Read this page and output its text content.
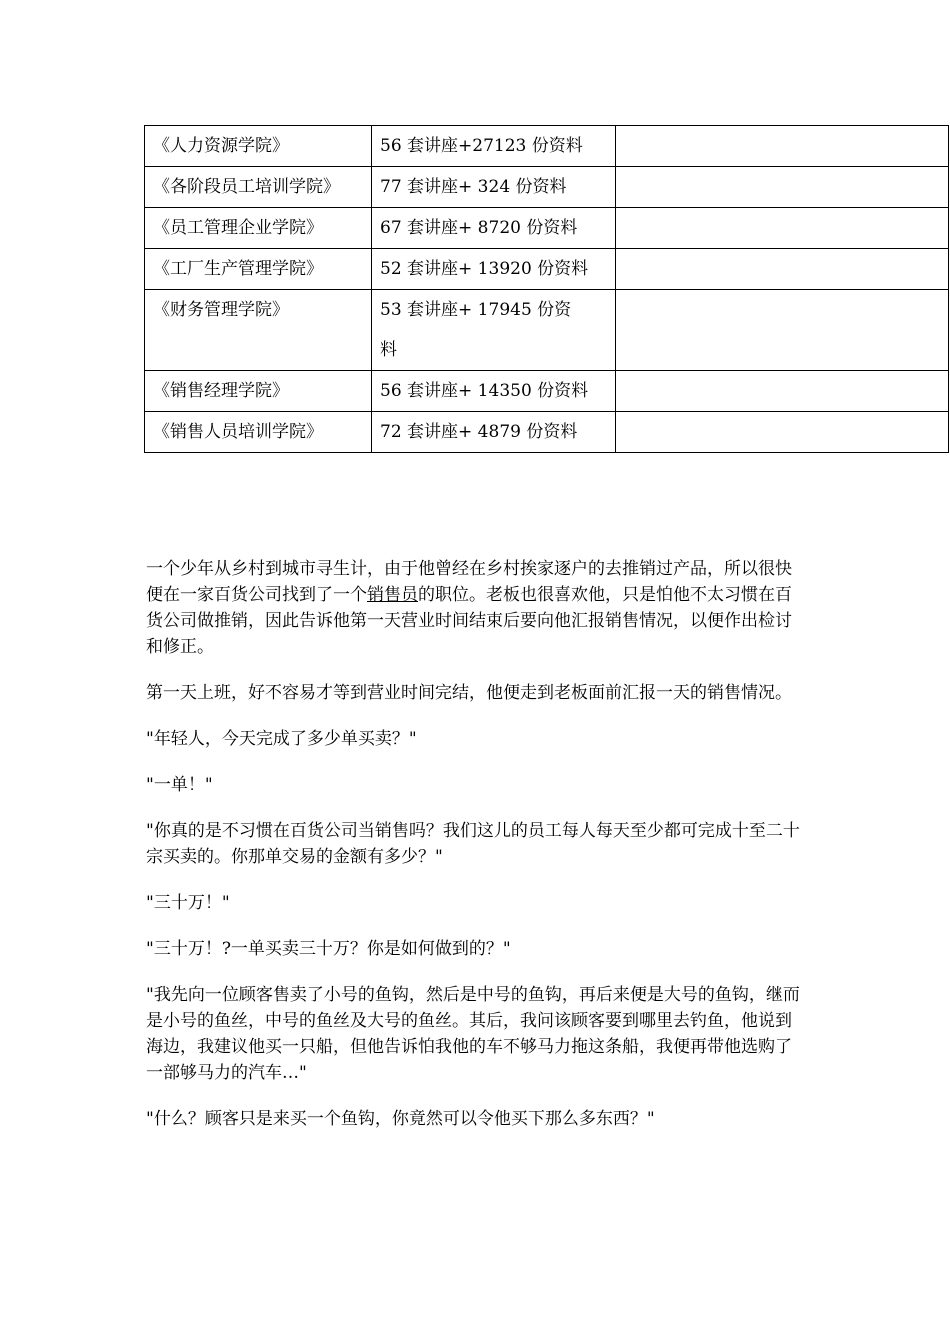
《人力资源学院》	56 套讲座+27123 份资料	

《各阶段员工培训学院》	77 套讲座+ 324 份资料	
《员工管理企业学院》	67 套讲座+ 8720 份资料	
《工厂生产管理学院》	52 套讲座+ 13920 份资料	
《财务管理学院》	53 套讲座+ 17945 份资料	

《销售经理学院》	56 套讲座+ 14350 份资料	
《销售人员培训学院》	72 套讲座+ 4879 份资料	

一个少年从乡村到城市寻生计，由于他曾经在乡村挨家逐户的去推销过产品，所以很快便在一家百货公司找到了一个销售员的职位。老板也很喜欢他，只是怕他不太习惯在百货公司做推销，因此告诉他第一天营业时间结束后要向他汇报销售情况，以便作出检讨和修正。

第一天上班，好不容易才等到营业时间完结，他便走到老板面前汇报一天的销售情况。

"年轻人，今天完成了多少单买卖？"

"一单！"

"你真的是不习惯在百货公司当销售吗？我们这儿的员工每人每天至少都可完成十至二十宗买卖的。你那单交易的金额有多少？"

"三十万！"

"三十万！?一单买卖三十万？你是如何做到的？"

"我先向一位顾客售卖了小号的鱼钩，然后是中号的鱼钩，再后来便是大号的鱼钩，继而是小号的鱼丝，中号的鱼丝及大号的鱼丝。其后，我问该顾客要到哪里去钓鱼，他说到海边，我建议他买一只船，但他告诉怕我他的车不够马力拖这条船，我便再带他选购了一部够马力的汽车…"

"什么？顾客只是来买一个鱼钩，你竟然可以令他买下那么多东西？"
